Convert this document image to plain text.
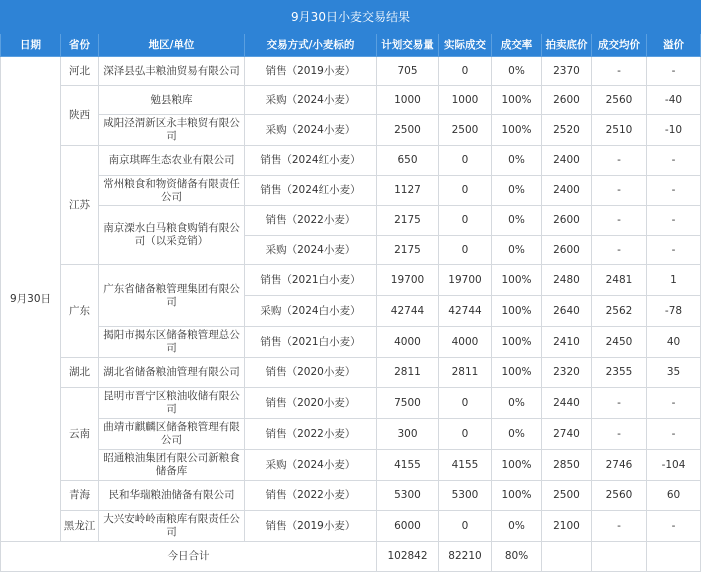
9月30日小麦交易结果									
日期	省份	地区/单位	交易方式/小麦标的	计划交易量	实际成交	成交率	拍卖底价	成交均价	溢价
9月30日	河北	深泽县弘丰粮油贸易有限公司	销售（2019小麦）	705	0	0%	2370	-	-
	陕西	勉县粮库	采购（2024小麦）	1000	1000	100%	2600	2560	-40
		咸阳泾渭新区永丰粮贸有限公司	采购（2024小麦）	2500	2500	100%	2520	2510	-10
	江苏	南京琪晖生态农业有限公司	销售（2024红小麦）	650	0	0%	2400	-	-
		常州粮食和物资储备有限责任公司	销售（2024红小麦）	1127	0	0%	2400	-	-
		南京溧水白马粮食购销有限公司（以采竞销）	销售（2022小麦）	2175	0	0%	2600	-	-
			采购（2024小麦）	2175	0	0%	2600	-	-
	广东	广东省储备粮管理集团有限公司	销售（2021白小麦）	19700	19700	100%	2480	2481	1
			采购（2024白小麦）	42744	42744	100%	2640	2562	-78
		揭阳市揭东区储备粮管理总公司	销售（2021白小麦）	4000	4000	100%	2410	2450	40
	湖北	湖北省储备粮油管理有限公司	销售（2020小麦）	2811	2811	100%	2320	2355	35
	云南	昆明市晋宁区粮油收储有限公司	销售（2020小麦）	7500	0	0%	2440	-	-
		曲靖市麒麟区储备粮管理有限公司	销售（2022小麦）	300	0	0%	2740	-	-
		昭通粮油集团有限公司新粮食储备库	采购（2024小麦）	4155	4155	100%	2850	2746	-104
	青海	民和华瑞粮油储备有限公司	销售（2022小麦）	5300	5300	100%	2500	2560	60
	黑龙江	大兴安岭岭南粮库有限责任公司	销售（2019小麦）	6000	0	0%	2100	-	-
今日合计				102842	82210	80%			
